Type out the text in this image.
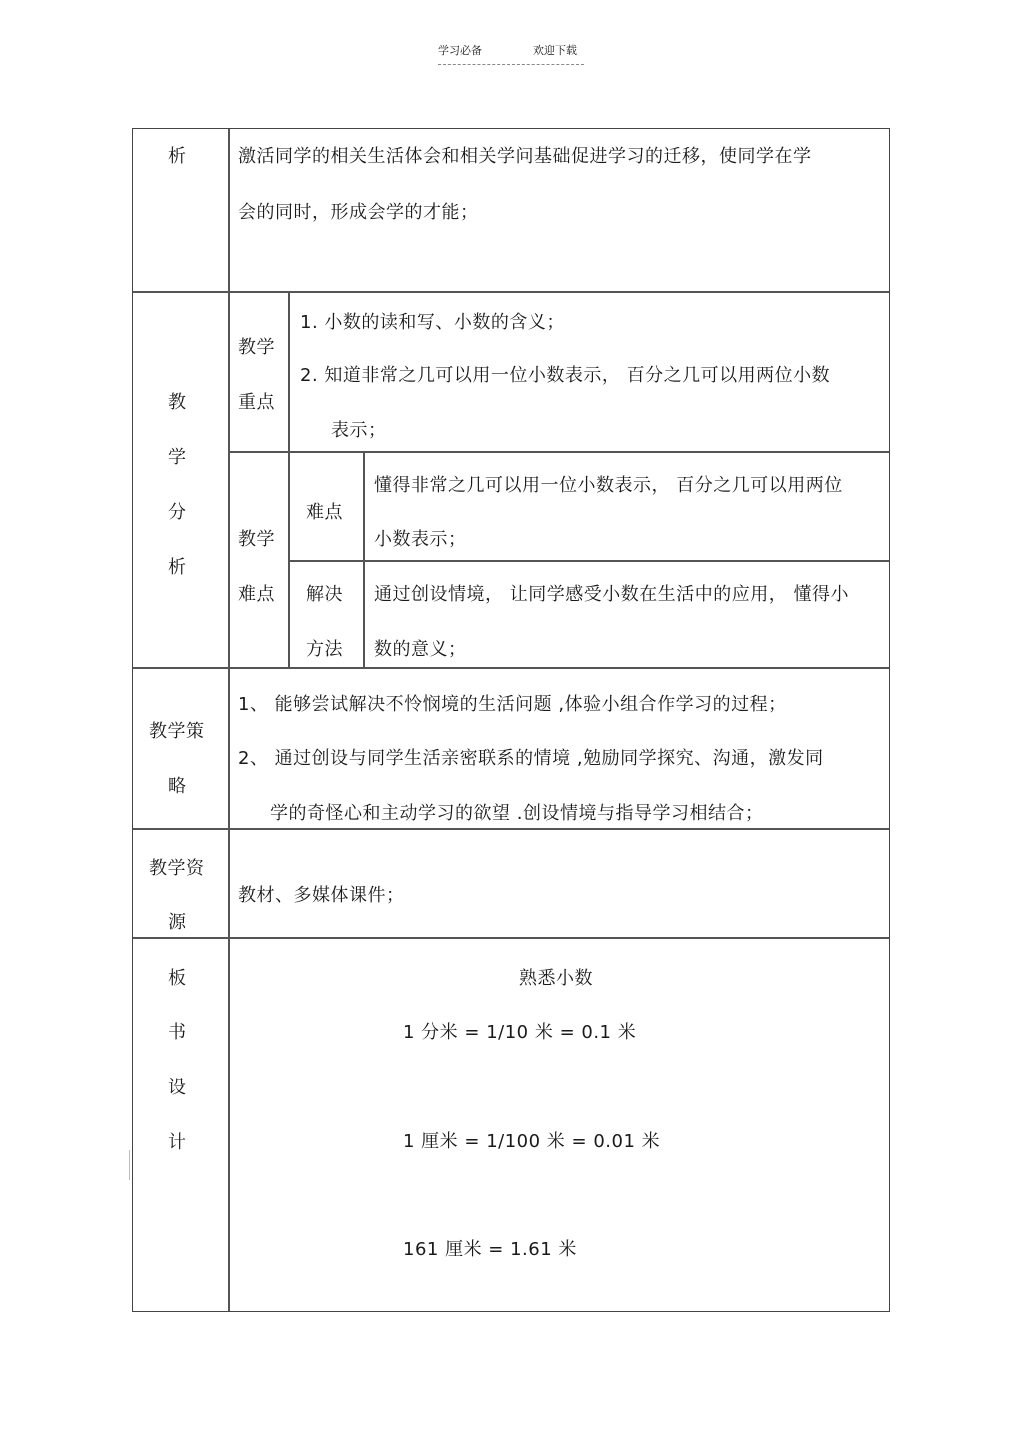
学习必备	欢迎下载
析	激活同学的相关生活体会和相关学问基础促进学习的迁移，使同学在学
会的同时，形成会学的才能；
教
学
分
析
教学
重点
1. 小数的读和写、小数的含义；
2. 知道非常之几可以用一位小数表示， 百分之几可以用两位小数
表示；
教学
难点
难点
懂得非常之几可以用一位小数表示， 百分之几可以用两位
小数表示；
解决
方法
通过创设情境， 让同学感受小数在生活中的应用， 懂得小
数的意义；
教学策
略
1、 能够尝试解决不怜悯境的生活问题 ,体验小组合作学习的过程；
2、 通过创设与同学生活亲密联系的情境 ,勉励同学探究、沟通，激发同
学的奇怪心和主动学习的欲望 .创设情境与指导学习相结合；
教学资
源
教材、多媒体课件；
板
书
设
计
熟悉小数
1 分米 = 1/10 米 = 0.1 米
1 厘米 = 1/100 米 = 0.01 米
161 厘米 = 1.61 米
